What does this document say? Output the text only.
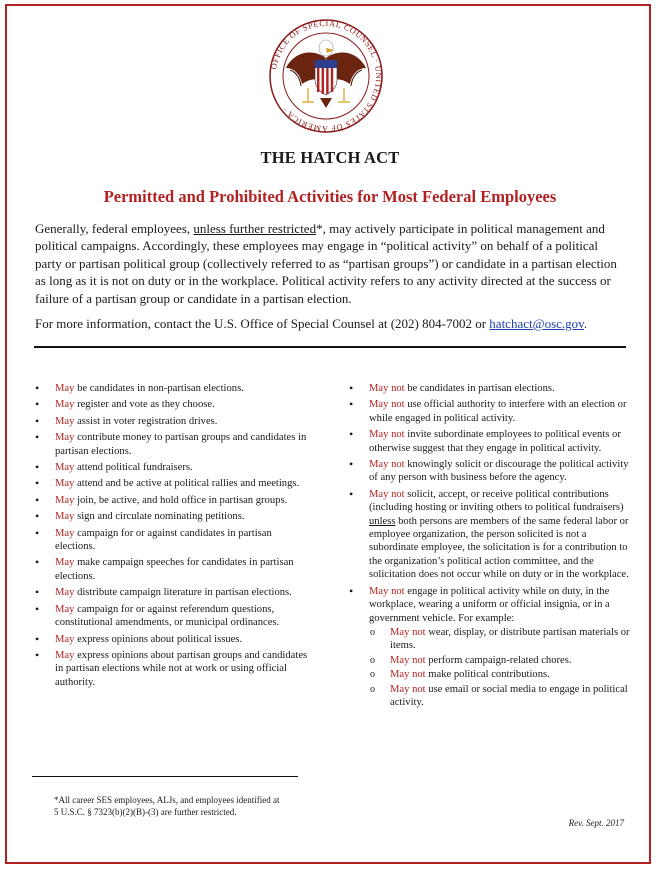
OFFICE OF SPECIAL COUNSEL · UNITED STATES OF AMERICA ·
THE HATCH ACT
Permitted and Prohibited Activities for Most Federal Employees
Generally, federal employees, unless further restricted*, may actively participate in political management and political campaigns. Accordingly, these employees may engage in “political activity” on behalf of a political party or partisan political group (collectively referred to as “partisan groups”) or candidate in a partisan election as long as it is not on duty or in the workplace. Political activity refers to any activity directed at the success or failure of a partisan group or candidate in a partisan election.
For more information, contact the U.S. Office of Special Counsel at (202) 804-7002 or hatchact@osc.gov.
• May be candidates in non-partisan elections.
• May register and vote as they choose.
• May assist in voter registration drives.
• May contribute money to partisan groups and candidates in partisan elections.
• May attend political fundraisers.
• May attend and be active at political rallies and meetings.
• May join, be active, and hold office in partisan groups.
• May sign and circulate nominating petitions.
• May campaign for or against candidates in partisan elections.
• May make campaign speeches for candidates in partisan elections.
• May distribute campaign literature in partisan elections.
• May campaign for or against referendum questions, constitutional amendments, or municipal ordinances.
• May express opinions about political issues.
• May express opinions about partisan groups and candidates in partisan elections while not at work or using official authority.
• May not be candidates in partisan elections.
• May not use official authority to interfere with an election or while engaged in political activity.
• May not invite subordinate employees to political events or otherwise suggest that they engage in political activity.
• May not knowingly solicit or discourage the political activity of any person with business before the agency.
• May not solicit, accept, or receive political contributions (including hosting or inviting others to political fundraisers) unless both persons are members of the same federal labor or employee organization, the person solicited is not a subordinate employee, the solicitation is for a contribution to the organization’s political action committee, and the solicitation does not occur while on duty or in the workplace.
• May not engage in political activity while on duty, in the workplace, wearing a uniform or official insignia, or in a government vehicle. For example:
o May not wear, display, or distribute partisan materials or items.
o May not perform campaign-related chores.
o May not make political contributions.
o May not use email or social media to engage in political activity.
*All career SES employees, ALJs, and employees identified at 5 U.S.C. § 7323(b)(2)(B)-(3) are further restricted.
Rev. Sept. 2017
